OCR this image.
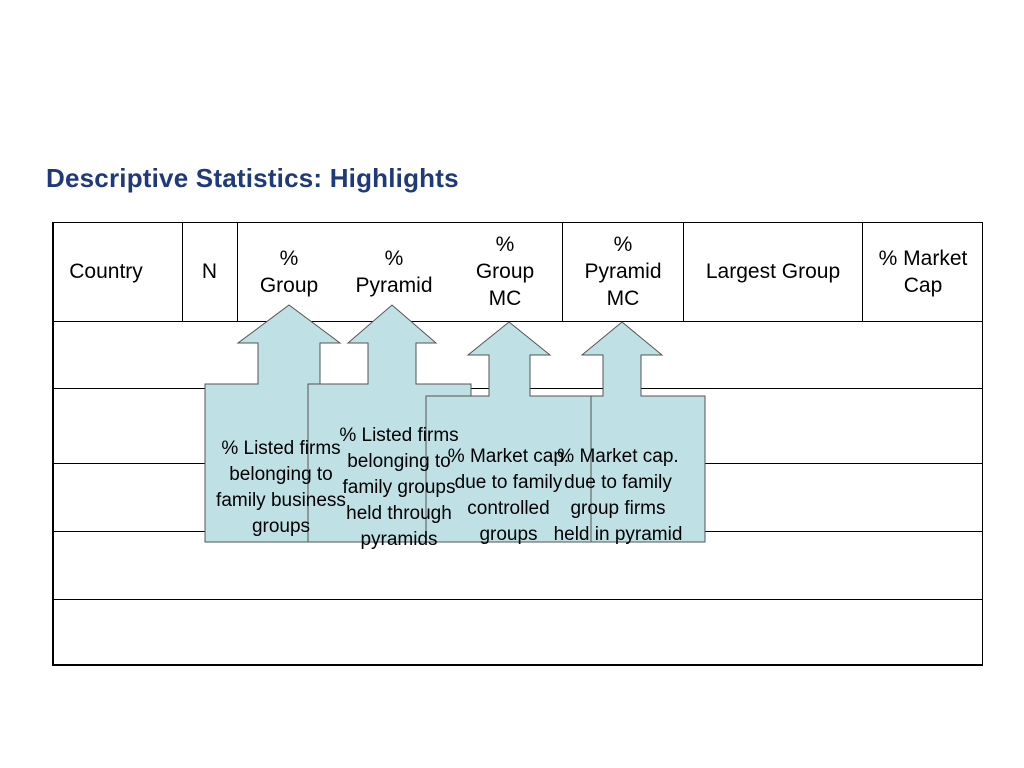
Descriptive Statistics: Highlights
Country	N
%
Group
%
Pyramid
%
Group
MC
%
Pyramid
MC
Largest Group
% Market
Cap

% Listed firms
belonging to
family business
groups

% Listed firms
belonging to
family groups
held through
pyramids

% Market cap.
due to family
group firms
held in pyramid

% Market cap.
due to family
controlled
groups
